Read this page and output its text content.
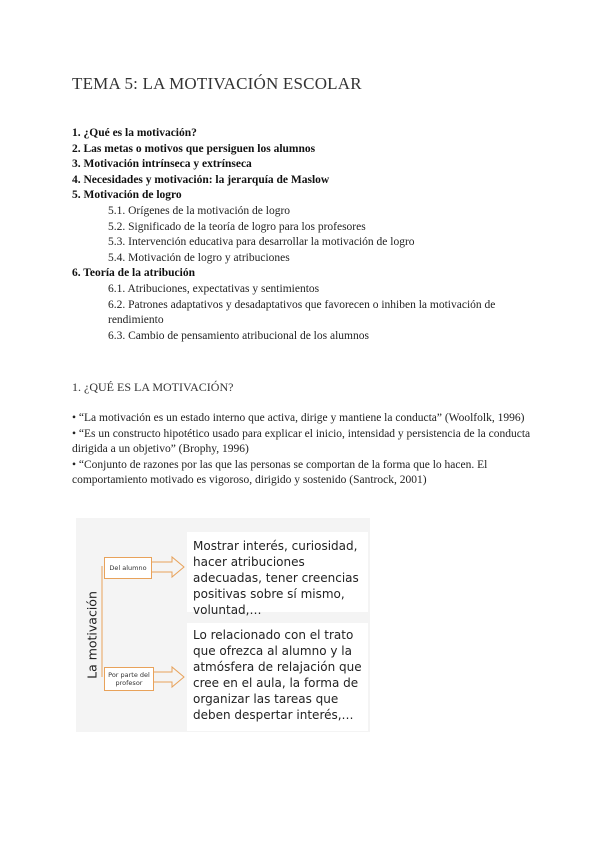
TEMA 5: LA MOTIVACIÓN ESCOLAR
1. ¿Qué es la motivación?
2. Las metas o motivos que persiguen los alumnos
3. Motivación intrínseca y extrínseca
4. Necesidades y motivación: la jerarquía de Maslow
5. Motivación de logro
5.1. Orígenes de la motivación de logro
5.2. Significado de la teoría de logro para los profesores
5.3. Intervención educativa para desarrollar la motivación de logro
5.4. Motivación de logro y atribuciones
6. Teoría de la atribución
6.1. Atribuciones, expectativas y sentimientos
6.2. Patrones adaptativos y desadaptativos que favorecen o inhiben la motivación de rendimiento
6.3. Cambio de pensamiento atribucional de los alumnos
1. ¿QUÉ ES LA MOTIVACIÓN?

• “La motivación es un estado interno que activa, dirige y mantiene la conducta” (Woolfolk, 1996)

• “Es un constructo hipotético usado para explicar el inicio, intensidad y persistencia de la conducta dirigida a un objetivo” (Brophy, 1996)

• “Conjunto de razones por las que las personas se comportan de la forma que lo hacen. El comportamiento motivado es vigoroso, dirigido y sostenido (Santrock, 2001)

La motivación
Del alumno
Por parte del profesor
Mostrar interés, curiosidad, hacer atribuciones adecuadas, tener creencias positivas sobre sí mismo, voluntad,…
Lo relacionado con el trato que ofrezca al alumno y la atmósfera de relajación que cree en el aula, la forma de organizar las tareas que deben despertar interés,…
